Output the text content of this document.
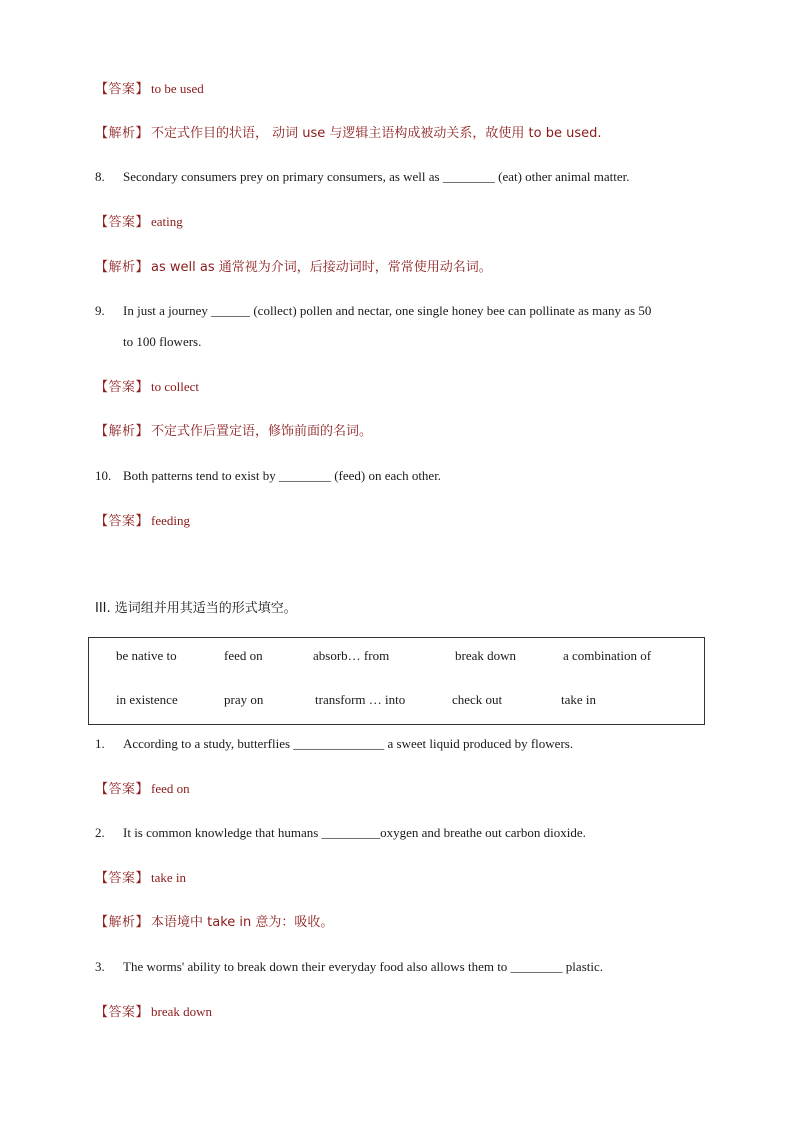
【答案】 to be used
【解析】 不定式作目的状语， 动词 use 与逻辑主语构成被动关系，故使用 to be used.
8. Secondary consumers prey on primary consumers, as well as ________ (eat) other animal matter.
【答案】 eating
【解析】 as well as 通常视为介词，后接动词时，常常使用动名词。
9. In just a journey ______ (collect) pollen and nectar, one single honey bee can pollinate as many as 50
to 100 flowers.
【答案】 to collect
【解析】 不定式作后置定语，修饰前面的名词。
10. Both patterns tend to exist by ________ (feed) on each other.
【答案】 feeding
III. 选词组并用其适当的形式填空。
be native to	feed on	absorb… from	break down	a combination of
in existence	pray on	transform … into	check out	take in
1. According to a study, butterflies ______________ a sweet liquid produced by flowers.
【答案】 feed on
2. It is common knowledge that humans _________oxygen and breathe out carbon dioxide.
【答案】 take in
【解析】 本语境中 take in 意为：吸收。
3. The worms' ability to break down their everyday food also allows them to ________ plastic.
【答案】 break down
